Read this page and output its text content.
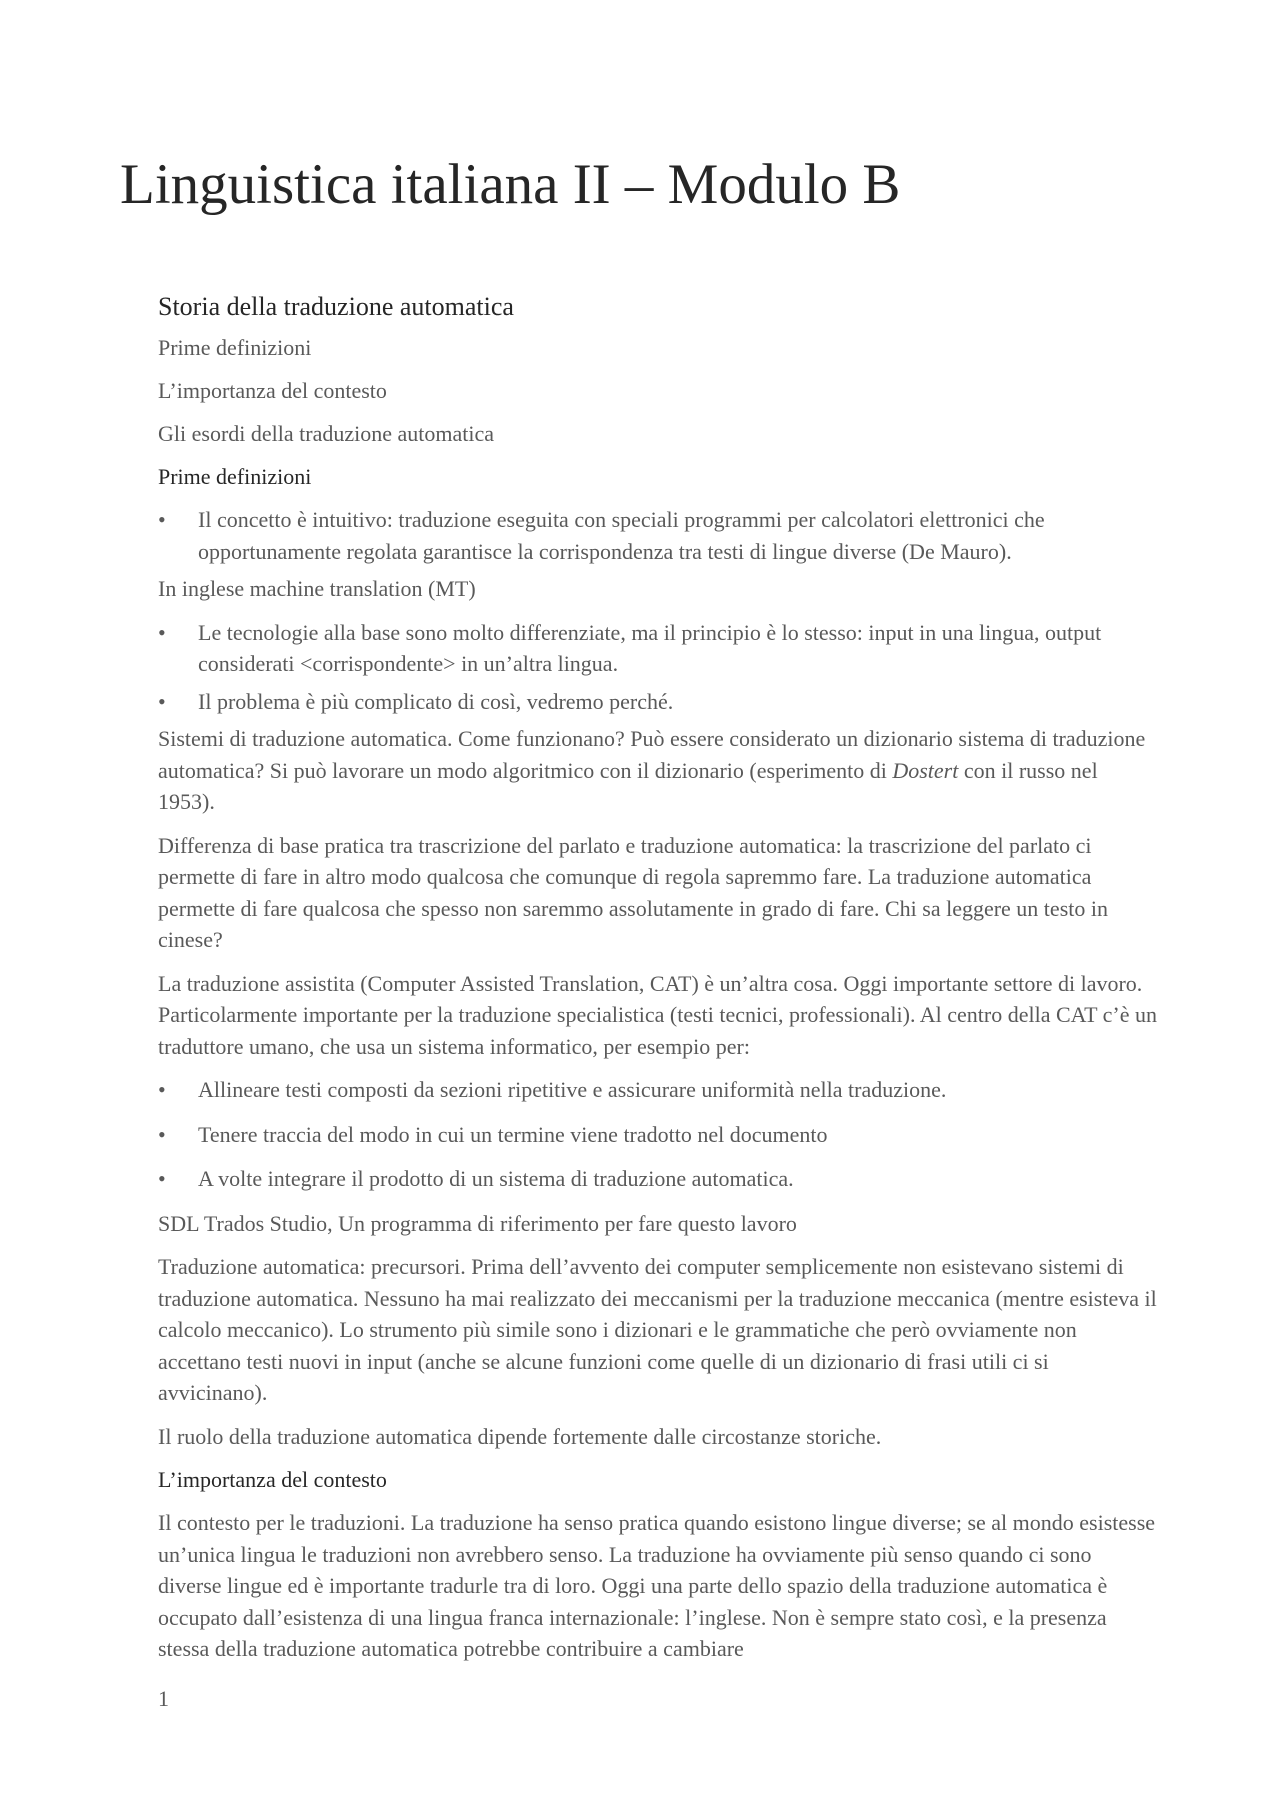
Linguistica italiana II – Modulo B
Storia della traduzione automatica

Prime definizioni

L’importanza del contesto

Gli esordi della traduzione automatica

Prime definizioni

• Il concetto è intuitivo: traduzione eseguita con speciali programmi per calcolatori elettronici che opportunamente regolata garantisce la corrispondenza tra testi di lingue diverse (De Mauro).

In inglese machine translation (MT)

• Le tecnologie alla base sono molto differenziate, ma il principio è lo stesso: input in una lingua, output considerati <corrispondente> in un’altra lingua.
• Il problema è più complicato di così, vedremo perché.

Sistemi di traduzione automatica. Come funzionano? Può essere considerato un dizionario sistema di traduzione automatica? Si può lavorare un modo algoritmico con il dizionario (esperimento di Dostert con il russo nel 1953).

Differenza di base pratica tra trascrizione del parlato e traduzione automatica: la trascrizione del parlato ci permette di fare in altro modo qualcosa che comunque di regola sapremmo fare. La traduzione automatica permette di fare qualcosa che spesso non saremmo assolutamente in grado di fare. Chi sa leggere un testo in cinese?

La traduzione assistita (Computer Assisted Translation, CAT) è un’altra cosa. Oggi importante settore di lavoro. Particolarmente importante per la traduzione specialistica (testi tecnici, professionali). Al centro della CAT c’è un traduttore umano, che usa un sistema informatico, per esempio per:

• Allineare testi composti da sezioni ripetitive e assicurare uniformità nella traduzione.
• Tenere traccia del modo in cui un termine viene tradotto nel documento
• A volte integrare il prodotto di un sistema di traduzione automatica.

SDL Trados Studio, Un programma di riferimento per fare questo lavoro

Traduzione automatica: precursori. Prima dell’avvento dei computer semplicemente non esistevano sistemi di traduzione automatica. Nessuno ha mai realizzato dei meccanismi per la traduzione meccanica (mentre esisteva il calcolo meccanico). Lo strumento più simile sono i dizionari e le grammatiche che però ovviamente non accettano testi nuovi in input (anche se alcune funzioni come quelle di un dizionario di frasi utili ci si avvicinano).

Il ruolo della traduzione automatica dipende fortemente dalle circostanze storiche.

L’importanza del contesto

Il contesto per le traduzioni. La traduzione ha senso pratica quando esistono lingue diverse; se al mondo esistesse un’unica lingua le traduzioni non avrebbero senso. La traduzione ha ovviamente più senso quando ci sono diverse lingue ed è importante tradurle tra di loro. Oggi una parte dello spazio della traduzione automatica è occupato dall’esistenza di una lingua franca internazionale: l’inglese. Non è sempre stato così, e la presenza stessa della traduzione automatica potrebbe contribuire a cambiare

1
